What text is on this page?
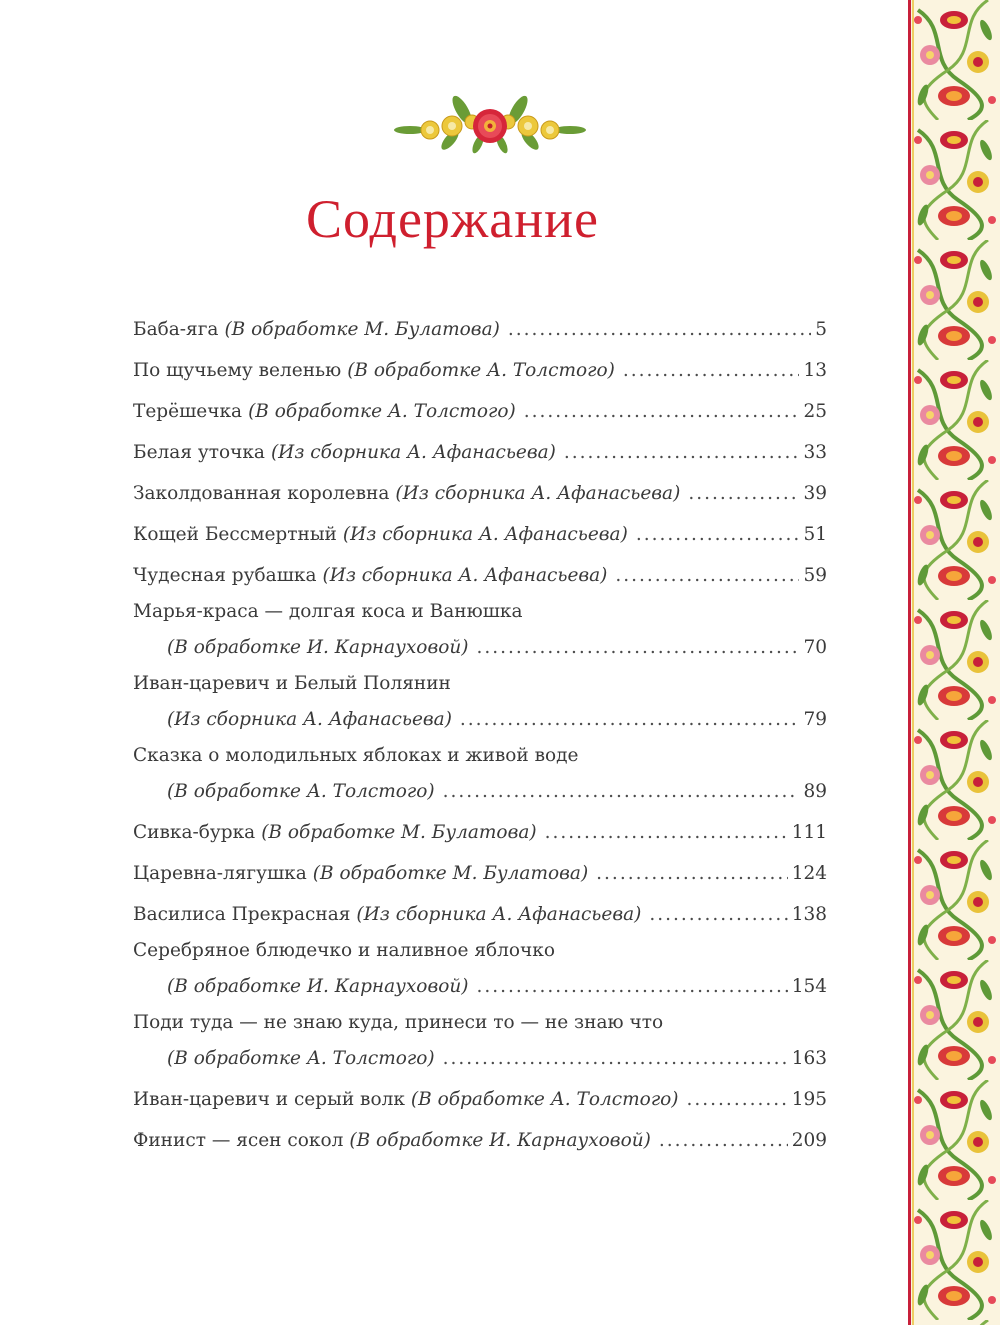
Содержание
Баба-яга (В обработке М. Булатова) .....	5
По щучьему веленью (В обработке А. Толстого) .....	13
Терёшечка (В обработке А. Толстого) .....	25
Белая уточка (Из сборника А. Афанасьева) .....	33
Заколдованная королевна (Из сборника А. Афанасьева) .....	39
Кощей Бессмертный (Из сборника А. Афанасьева) .....	51
Чудесная рубашка (Из сборника А. Афанасьева) .....	59
Марья-краса — долгая коса и Ванюшка
(В обработке И. Карнауховой) .....	70
Иван-царевич и Белый Полянин
(Из сборника А. Афанасьева) .....	79
Сказка о молодильных яблоках и живой воде
(В обработке А. Толстого) .....	89
Сивка-бурка (В обработке М. Булатова) .....	111
Царевна-лягушка (В обработке М. Булатова) .....	124
Василиса Прекрасная (Из сборника А. Афанасьева) .....	138
Серебряное блюдечко и наливное яблочко
(В обработке И. Карнауховой) .....	154
Поди туда — не знаю куда, принеси то — не знаю что
(В обработке А. Толстого) .....	163
Иван-царевич и серый волк (В обработке А. Толстого) .....	195
Финист — ясен сокол (В обработке И. Карнауховой) .....	209
